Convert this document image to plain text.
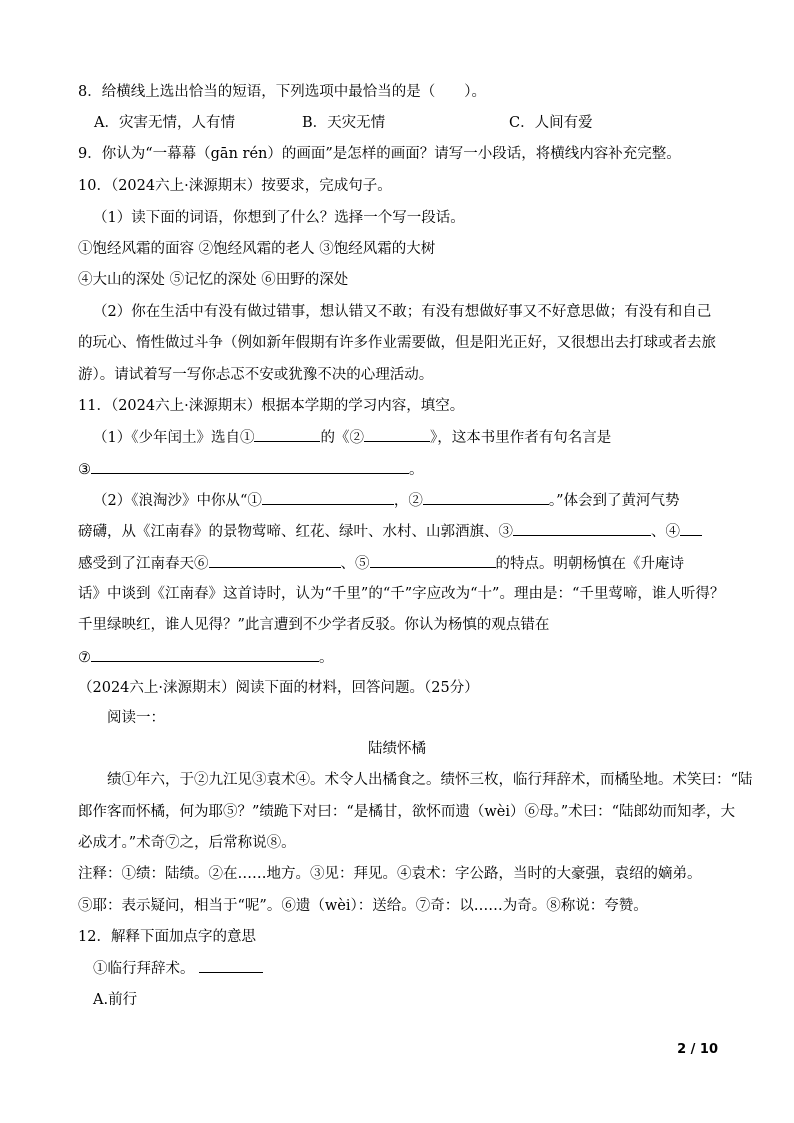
8．给横线上选出恰当的短语，下列选项中最恰当的是（　　）。
A．灾害无情，人有情	B．天灾无情	C．人间有爱
9．你认为“一幕幕（gān rén）的画面”是怎样的画面？请写一小段话，将横线内容补充完整。
10．（2024六上·涞源期末）按要求，完成句子。
（1）读下面的词语，你想到了什么？选择一个写一段话。
①饱经风霜的面容 ②饱经风霜的老人 ③饱经风霜的大树
④大山的深处 ⑤记忆的深处 ⑥田野的深处
（2）你在生活中有没有做过错事，想认错又不敢；有没有想做好事又不好意思做；有没有和自己
的玩心、惰性做过斗争（例如新年假期有许多作业需要做，但是阳光正好，又很想出去打球或者去旅
游）。请试着写一写你忐忑不安或犹豫不决的心理活动。
11．（2024六上·涞源期末）根据本学期的学习内容，填空。
（1）《少年闰土》选自①	的《②	》，这本书里作者有句名言是
③	。
（2）《浪淘沙》中你从“①	，②	。”体会到了黄河气势
磅礴，从《江南春》的景物莺啼、红花、绿叶、水村、山郭酒旗、③	、④
感受到了江南春天⑥	、⑤	的特点。明朝杨慎在《升庵诗
话》中谈到《江南春》这首诗时，认为“千里”的“千”字应改为“十”。理由是：“千里莺啼，谁人听得？
千里绿映红，谁人见得？”此言遭到不少学者反驳。你认为杨慎的观点错在
⑦	。
（2024六上·涞源期末）阅读下面的材料，回答问题。（25分）
阅读一：
陆绩怀橘
绩①年六，于②九江见③袁术④。术令人出橘食之。绩怀三枚，临行拜辞术，而橘坠地。术笑曰：“陆
郎作客而怀橘，何为耶⑤？”绩跪下对曰：“是橘甘，欲怀而遗（wèi）⑥母。”术曰：“陆郎幼而知孝，大
必成才。”术奇⑦之，后常称说⑧。
注释：①绩：陆绩。②在……地方。③见：拜见。④袁术：字公路，当时的大豪强，袁绍的嫡弟。
⑤耶：表示疑问，相当于“呢”。⑥遗（wèi）：送给。⑦奇：以……为奇。⑧称说：夸赞。
12．解释下面加点字的意思
①临行拜辞术。
A.前行
2 / 10
